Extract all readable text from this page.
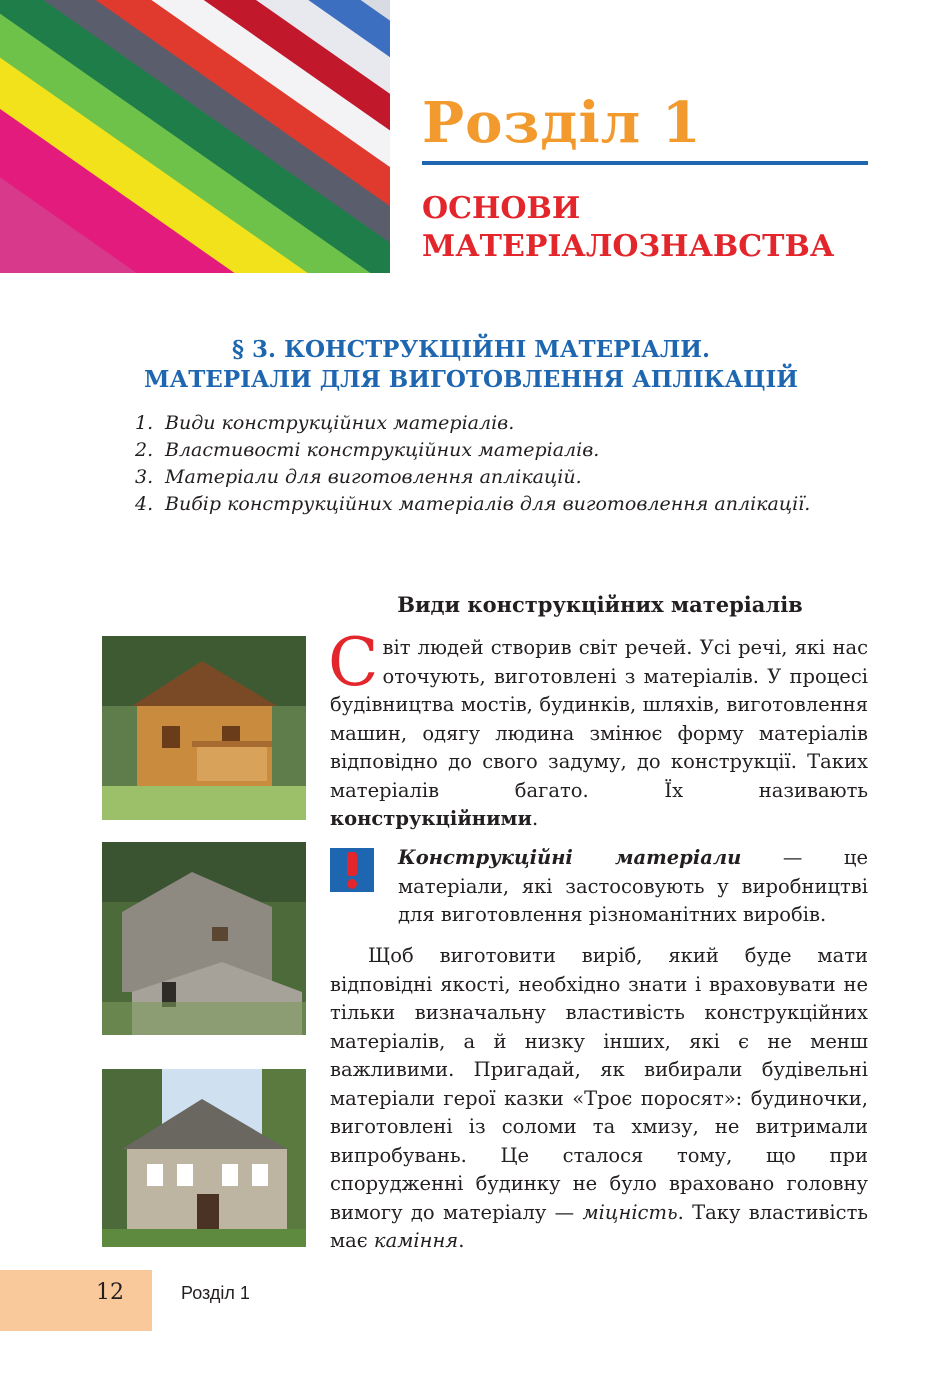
Розділ 1
ОСНОВИ
МАТЕРІАЛОЗНАВСТВА
§ 3. КОНСТРУКЦІЙНІ МАТЕРІАЛИ.
МАТЕРІАЛИ ДЛЯ ВИГОТОВЛЕННЯ АПЛІКАЦІЙ
1. Види конструкційних матеріалів.
2. Властивості конструкційних матеріалів.
3. Матеріали для виготовлення аплікацій.
4. Вибір конструкційних матеріалів для виготовлення аплікації.
Види конструкційних матеріалів

Світ людей створив світ речей. Усі речі, які нас оточують, виготовлені з матеріалів. У процесі будівництва мостів, будинків, шляхів, виготовлення машин, одягу людина змінює форму матеріалів відповідно до свого задуму, до конструкції. Таких матеріалів багато. Їх називають конструкційними.

Конструкційні матеріали — це матеріали, які застосовують у виробництві для виготовлення різноманітних виробів.

Щоб виготовити виріб, який буде мати відповідні якості, необхідно знати і враховувати не тільки визначальну властивість конструкційних матеріалів, а й низку інших, які є не менш важливими. Пригадай, як вибирали будівельні матеріали герої казки «Троє поросят»: будиночки, виготовлені із соломи та хмизу, не витримали випробувань. Це сталося тому, що при спорудженні будинку не було враховано головну вимогу до матеріалу — міцність. Таку властивість має каміння.

12	Розділ 1
